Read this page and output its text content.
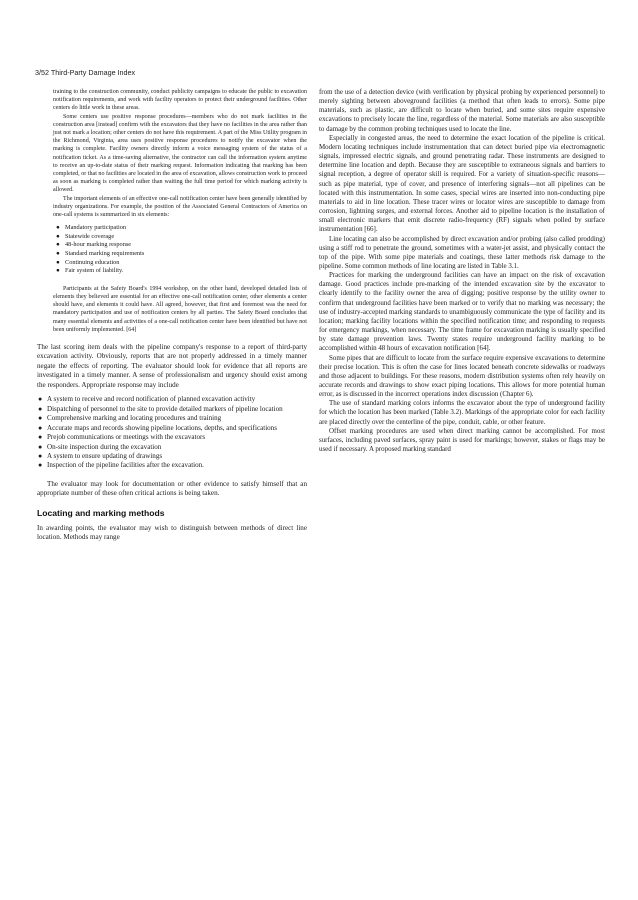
3/52 Third-Party Damage Index

training to the construction community, conduct publicity campaigns to educate the public to excavation notification requirements, and work with facility operators to protect their underground facilities. Other centers do little work in these areas.

Some centers use positive response procedures—members who do not mark facilities in the construction area [instead] confirm with the excavators that they have no facilities in the area rather than just not mark a location; other centers do not have this requirement. A part of the Miss Utility program in the Richmond, Virginia, area uses positive response procedures to notify the excavator when the marking is complete. Facility owners directly inform a voice messaging system of the status of a notification ticket. As a time-saving alternative, the contractor can call the information system anytime to receive an up-to-date status of their marking request. Information indicating that marking has been completed, or that no facilities are located in the area of excavation, allows construction work to proceed as soon as marking is completed rather than waiting the full time period for which marking activity is allowed.

The important elements of an effective one-call notification center have been generally identified by industry organizations. For example, the position of the Associated General Contractors of America on one-call systems is summarized in six elements:

● Mandatory participation
● Statewide coverage
● 48-hour marking response
● Standard marking requirements
● Continuing education
● Fair system of liability.

Participants at the Safety Board's 1994 workshop, on the other hand, developed detailed lists of elements they believed are essential for an effective one-call notification center, other elements a center should have, and elements it could have. All agreed, however, that first and foremost was the need for mandatory participation and use of notification centers by all parties. The Safety Board concludes that many essential elements and activities of a one-call notification center have been identified but have not been uniformly implemented. [64]

The last scoring item deals with the pipeline company's response to a report of third-party excavation activity. Obviously, reports that are not properly addressed in a timely manner negate the effects of reporting. The evaluator should look for evidence that all reports are investigated in a timely manner. A sense of professionalism and urgency should exist among the responders. Appropriate response may include

● A system to receive and record notification of planned excavation activity
● Dispatching of personnel to the site to provide detailed markers of pipeline location
● Comprehensive marking and locating procedures and training
● Accurate maps and records showing pipeline locations, depths, and specifications
● Prejob communications or meetings with the excavators
● On-site inspection during the excavation
● A system to ensure updating of drawings
● Inspection of the pipeline facilities after the excavation.

The evaluator may look for documentation or other evidence to satisfy himself that an appropriate number of these often critical actions is being taken.

Locating and marking methods

In awarding points, the evaluator may wish to distinguish between methods of direct line location. Methods may range

from the use of a detection device (with verification by physical probing by experienced personnel) to merely sighting between aboveground facilities (a method that often leads to errors). Some pipe materials, such as plastic, are difficult to locate when buried, and some sites require expensive excavations to precisely locate the line, regardless of the material. Some materials are also susceptible to damage by the common probing techniques used to locate the line.

Especially in congested areas, the need to determine the exact location of the pipeline is critical. Modern locating techniques include instrumentation that can detect buried pipe via electromagnetic signals, impressed electric signals, and ground penetrating radar. These instruments are designed to determine line location and depth. Because they are susceptible to extraneous signals and barriers to signal reception, a degree of operator skill is required. For a variety of situation-specific reasons—such as pipe material, type of cover, and presence of interfering signals—not all pipelines can be located with this instrumentation. In some cases, special wires are inserted into non-conducting pipe materials to aid in line location. These tracer wires or locator wires are susceptible to damage from corrosion, lightning surges, and external forces. Another aid to pipeline location is the installation of small electronic markers that emit discrete radio-frequency (RF) signals when polled by surface instrumentation [66].

Line locating can also be accomplished by direct excavation and/or probing (also called prodding) using a stiff rod to penetrate the ground, sometimes with a water-jet assist, and physically contact the top of the pipe. With some pipe materials and coatings, these latter methods risk damage to the pipeline. Some common methods of line locating are listed in Table 3.1.

Practices for marking the underground facilities can have an impact on the risk of excavation damage. Good practices include pre-marking of the intended excavation site by the excavator to clearly identify to the facility owner the area of digging; positive response by the utility owner to confirm that underground facilities have been marked or to verify that no marking was necessary; the use of industry-accepted marking standards to unambiguously communicate the type of facility and its location; marking facility locations within the specified notification time; and responding to requests for emergency markings, when necessary. The time frame for excavation marking is usually specified by state damage prevention laws. Twenty states require underground facility marking to be accomplished within 48 hours of excavation notification [64].

Some pipes that are difficult to locate from the surface require expensive excavations to determine their precise location. This is often the case for lines located beneath concrete sidewalks or roadways and those adjacent to buildings. For these reasons, modern distribution systems often rely heavily on accurate records and drawings to show exact piping locations. This allows for more potential human error, as is discussed in the incorrect operations index discussion (Chapter 6).

The use of standard marking colors informs the excavator about the type of underground facility for which the location has been marked (Table 3.2). Markings of the appropriate color for each facility are placed directly over the centerline of the pipe, conduit, cable, or other feature.

Offset marking procedures are used when direct marking cannot be accomplished. For most surfaces, including paved surfaces, spray paint is used for markings; however, stakes or flags may be used if necessary. A proposed marking standard
